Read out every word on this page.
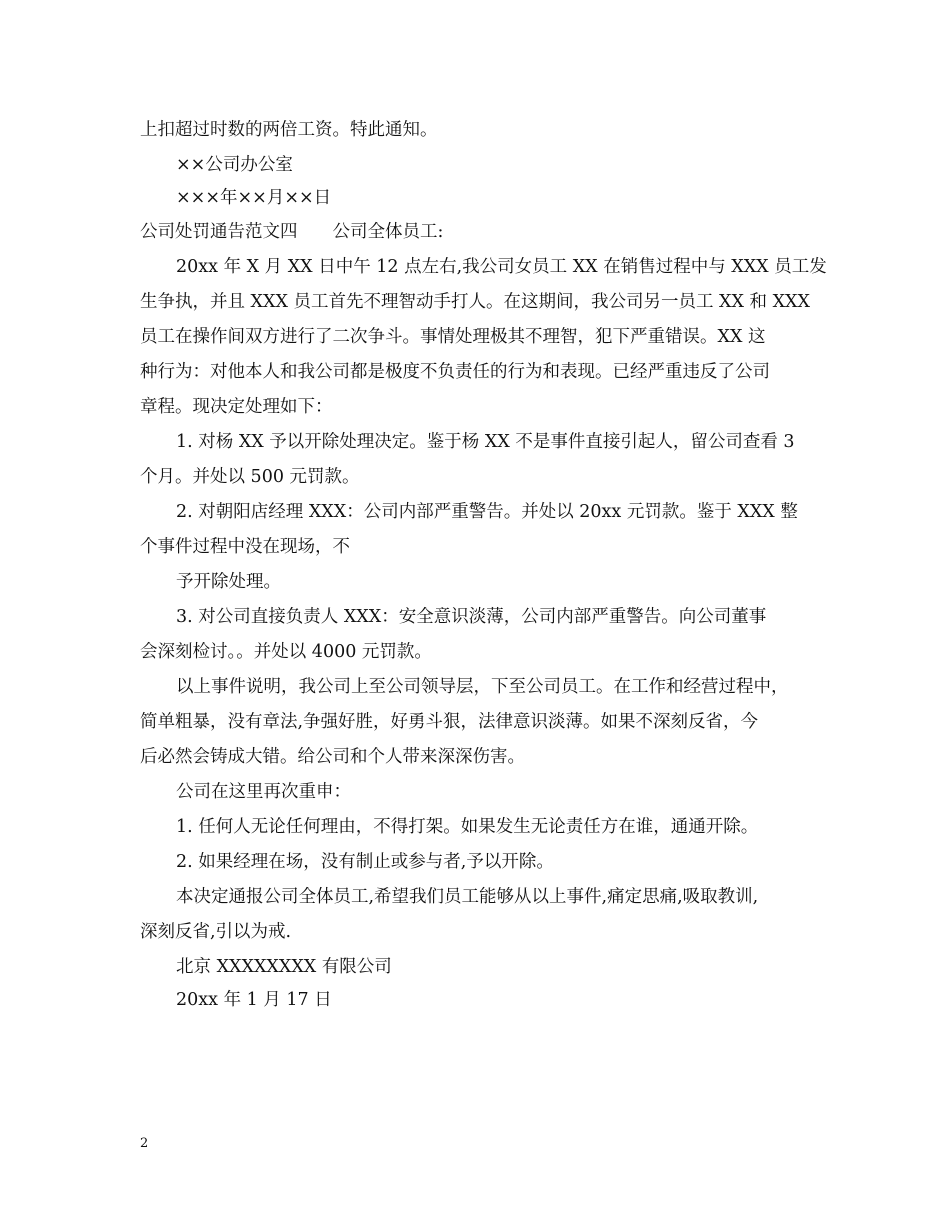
上扣超过时数的两倍工资。特此通知。
××公司办公室
×××年××月××日
公司处罚通告范文四　　公司全体员工:
20xx 年 X 月 XX 日中午 12 点左右,我公司女员工 XX 在销售过程中与 XXX 员工发
生争执，并且 XXX 员工首先不理智动手打人。在这期间，我公司另一员工 XX 和 XXX
员工在操作间双方进行了二次争斗。事情处理极其不理智，犯下严重错误。XX 这
种行为：对他本人和我公司都是极度不负责任的行为和表现。已经严重违反了公司
章程。现决定处理如下：
1. 对杨 XX 予以开除处理决定。鉴于杨 XX 不是事件直接引起人，留公司查看 3
个月。并处以 500 元罚款。
2. 对朝阳店经理 XXX：公司内部严重警告。并处以 20xx 元罚款。鉴于 XXX 整
个事件过程中没在现场，不
予开除处理。
3. 对公司直接负责人 XXX：安全意识淡薄，公司内部严重警告。向公司董事
会深刻检讨。。并处以 4000 元罚款。
以上事件说明，我公司上至公司领导层，下至公司员工。在工作和经营过程中，
简单粗暴，没有章法,争强好胜，好勇斗狠，法律意识淡薄。如果不深刻反省，今
后必然会铸成大错。给公司和个人带来深深伤害。
公司在这里再次重申：
1. 任何人无论任何理由，不得打架。如果发生无论责任方在谁，通通开除。
2. 如果经理在场，没有制止或参与者,予以开除。
本决定通报公司全体员工,希望我们员工能够从以上事件,痛定思痛,吸取教训,
深刻反省,引以为戒.
北京 XXXXXXXX 有限公司
20xx 年 1 月 17 日
2
